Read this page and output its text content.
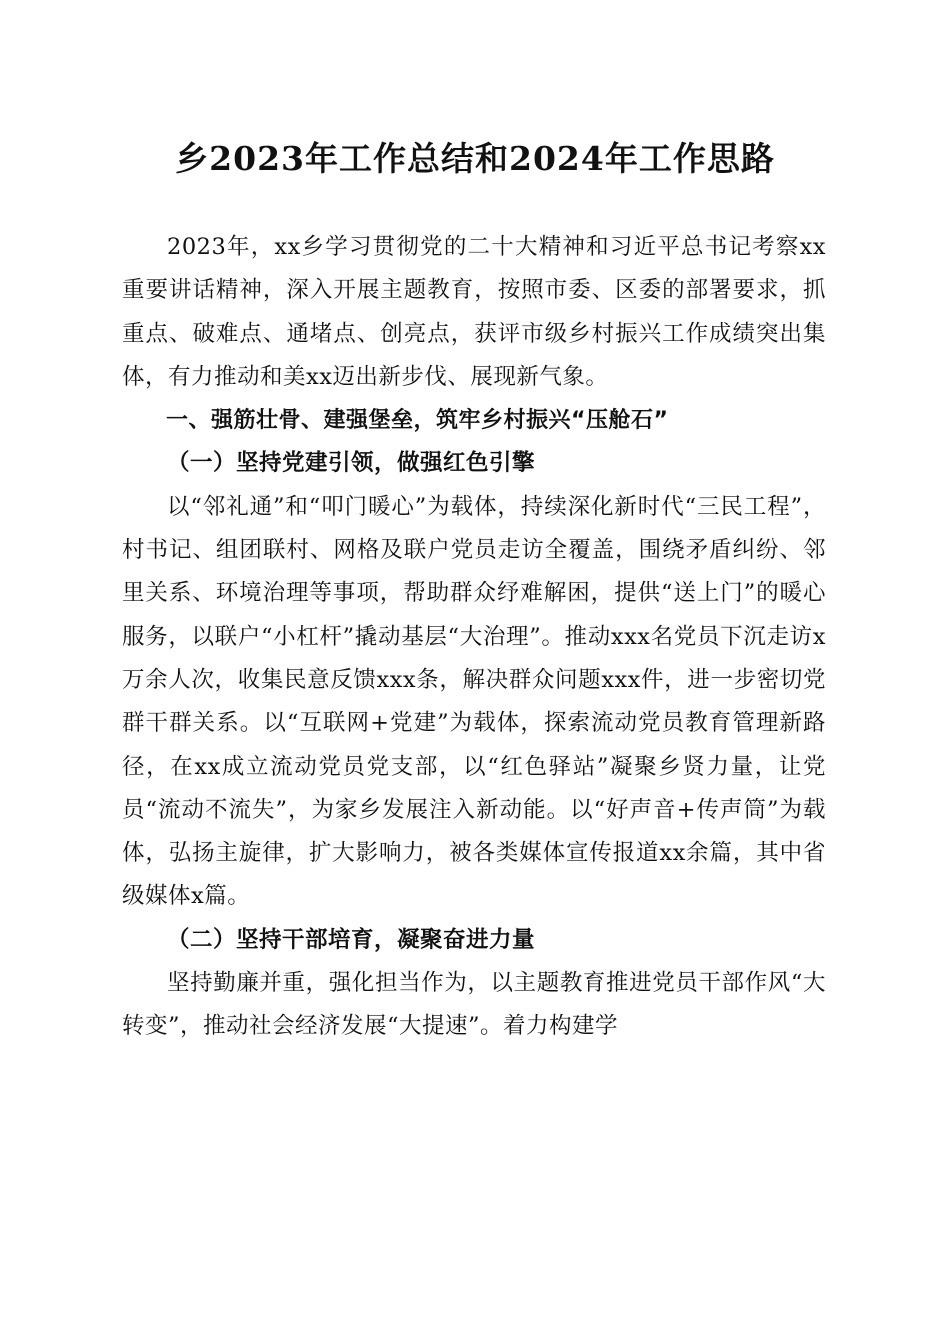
乡2023年工作总结和2024年工作思路

2023年，xx乡学习贯彻党的二十大精神和习近平总书记考察xx重要讲话精神，深入开展主题教育，按照市委、区委的部署要求，抓重点、破难点、通堵点、创亮点，获评市级乡村振兴工作成绩突出集体，有力推动和美xx迈出新步伐、展现新气象。

一、强筋壮骨、建强堡垒，筑牢乡村振兴“压舱石”

（一）坚持党建引领，做强红色引擎

以“邻礼通”和“叩门暖心”为载体，持续深化新时代“三民工程”，村书记、组团联村、网格及联户党员走访全覆盖，围绕矛盾纠纷、邻里关系、环境治理等事项，帮助群众纾难解困，提供“送上门”的暖心服务，以联户“小杠杆”撬动基层“大治理”。推动xxx名党员下沉走访x万余人次，收集民意反馈xxx条，解决群众问题xxx件，进一步密切党群干群关系。以“互联网+党建”为载体，探索流动党员教育管理新路径，在xx成立流动党员党支部，以“红色驿站”凝聚乡贤力量，让党员“流动不流失”，为家乡发展注入新动能。以“好声音+传声筒”为载体，弘扬主旋律，扩大影响力，被各类媒体宣传报道xx余篇，其中省级媒体x篇。

（二）坚持干部培育，凝聚奋进力量

坚持勤廉并重，强化担当作为，以主题教育推进党员干部作风“大转变”，推动社会经济发展“大提速”。着力构建学
